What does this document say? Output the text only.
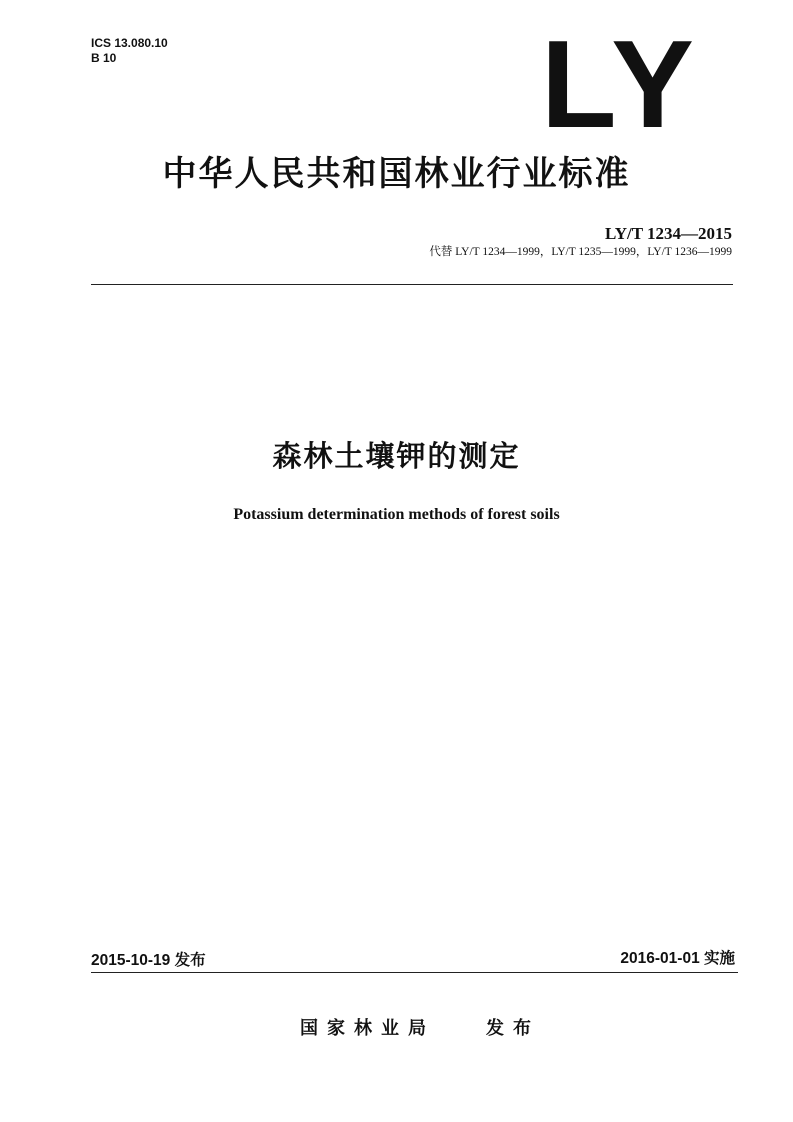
ICS 13.080.10
B 10	LY
中华人民共和国林业行业标准
LY/T 1234—2015
代替 LY/T 1234—1999，LY/T 1235—1999，LY/T 1236—1999
森林土壤钾的测定
Potassium determination methods of forest soils
2015-10-19 发布	2016-01-01 实施
国家林业局	发布
